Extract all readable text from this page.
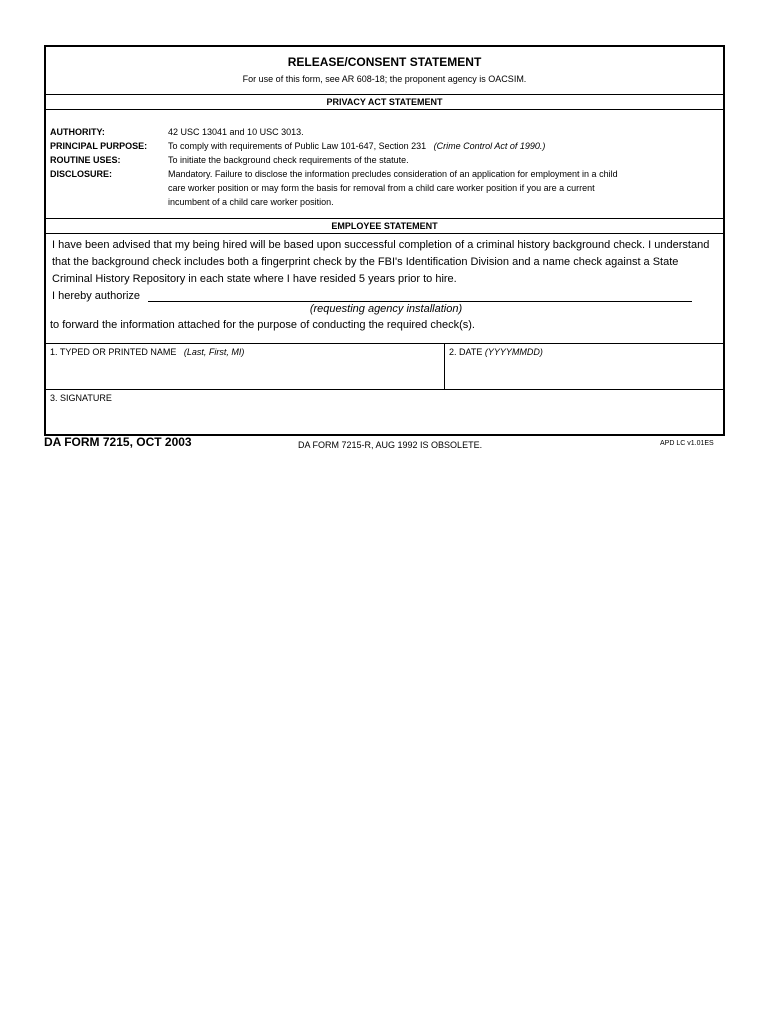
RELEASE/CONSENT STATEMENT
For use of this form, see AR 608-18; the proponent agency is OACSIM.
PRIVACY ACT STATEMENT
AUTHORITY:	42 USC 13041 and 10 USC 3013.
PRINCIPAL PURPOSE: To comply with requirements of Public Law 101-647, Section 231 (Crime Control Act of 1990.)
ROUTINE USES:	To initiate the background check requirements of the statute.
DISCLOSURE:	Mandatory. Failure to disclose the information precludes consideration of an application for employment in a child
care worker position or may form the basis for removal from a child care worker position if you are a current
incumbent of a child care worker position.
EMPLOYEE STATEMENT
I have been advised that my being hired will be based upon successful completion of a criminal history background check. I understand
that the background check includes both a fingerprint check by the FBI's Identification Division and a name check against a State
Criminal History Repository in each state where I have resided 5 years prior to hire.
I hereby authorize
(requesting agency installation)
to forward the information attached for the purpose of conducting the required check(s).
1. TYPED OR PRINTED NAME (Last, First, MI)	2. DATE (YYYYMMDD)
3. SIGNATURE
DA FORM 7215, OCT 2003	DA FORM 7215-R, AUG 1992 IS OBSOLETE.	APD LC v1.01ES
